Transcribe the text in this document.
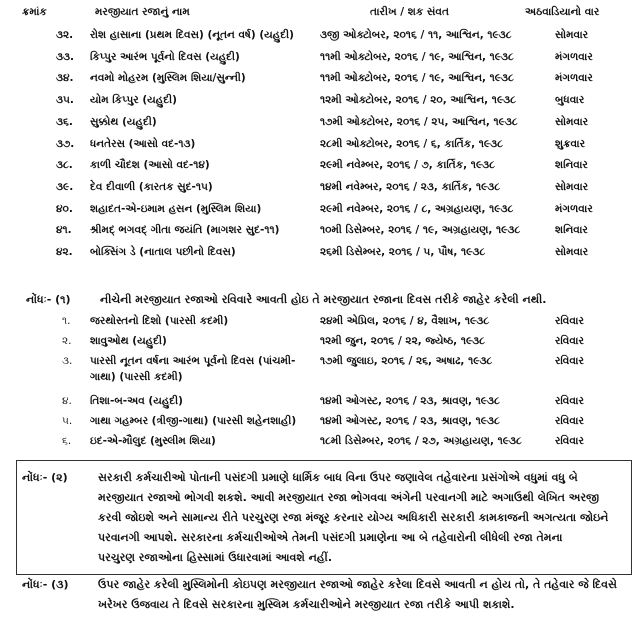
ક્રમાંક	મરજીયાત રજાનું નામ	તારીખ / શક સંવત	અઠવાડિયાનો વાર
૩૨. રોશ હાસાના (પ્રથમ દિવસ) (નૂતન વર્ષ) (યહુદી) ૩જી ઓક્ટોબર, ૨૦૧૬ / ૧૧, આશ્વિન, ૧૯૩૮	સોમવાર
૩૩. કિપ્પુર આરંભ પૂર્વનો દિવસ (યહુદી)	૧૧મી ઓક્ટોબર, ૨૦૧૬ / ૧૯, આશ્વિન, ૧૯૩૮	મંગળવાર
૩૪. નવમો મોહરમ (મુસ્લિમ શિયા/સુન્ની)	૧૧મી ઓક્ટોબર, ૨૦૧૬ / ૧૯, આશ્વિન, ૧૯૩૮	મંગળવાર
૩૫. યોમ કિપ્પુર (યહુદી)	૧૨મી ઓક્ટોબર, ૨૦૧૬ / ૨૦, આશ્વિન, ૧૯૩૮	બુધવાર
૩૬. સુક્કોથ (યહુદી)	૧૭મી ઓક્ટોબર, ૨૦૧૬ / ૨૫, આશ્વિન, ૧૯૩૮	સોમવાર
૩૭. ધનતેરસ (આસો વદ-૧૩)	૨૮મી ઓક્ટોબર, ૨૦૧૬ / ૬, કાર્તિક, ૧૯૩૮	શુક્રવાર
૩૮. કાળી ચૌદશ (આસો વદ-૧૪)	૨૯મી નવેમ્બર, ૨૦૧૬ / ૭, કાર્તિક, ૧૯૩૮	શનિવાર
૩૯. દેવ દીવાળી (કારતક સુદ-૧૫)	૧૪મી નવેમ્બર, ૨૦૧૬ / ૨૩, કાર્તિક, ૧૯૩૮	સોમવાર
૪૦. શહાદત-એ-ઇમામ હસન (મુસ્લિમ શિયા)	૨૯મી નવેમ્બર, ૨૦૧૬ / ૮, અગ્રહાયણ, ૧૯૩૮	મંગળવાર
૪૧. શ્રીમદ્ ભગવદ્ ગીતા જયંતિ (માગશર સુદ-૧૧)	૧૦મી ડિસેમ્બર, ૨૦૧૬ / ૧૯, અગ્રહાયણ, ૧૯૩૮	શનિવાર
૪૨. બોક્સિંગ ડે (નાતાલ પછીનો દિવસ)	૨૬મી ડિસેમ્બર, ૨૦૧૬ / ૫, પૌષ, ૧૯૩૮	સોમવાર
નોંધઃ- (૧)	નીચેની મરજીયાત રજાઓ રવિવારે આવતી હોઇ તે મરજીયાત રજાના દિવસ તરીકે જાહેર કરેલી નથી.
૧. જરથોસ્તનો દિશો (પારસી કદમી)	૨૪મી એપ્રિલ, ૨૦૧૬ / ૪, વૈશાખ, ૧૯૩૮	રવિવાર
૨. શાવુઓથ (યહુદી)	૧૨મી જુન, ૨૦૧૬ / ૨૨, જ્યેષ્ઠ, ૧૯૩૮	રવિવાર
૩. પારસી નૂતન વર્ષના આરંભ પૂર્વનો દિવસ (પાંચમી- ૧૭મી જુલાઇ, ૨૦૧૬ / ૨૬, અષાઢ, ૧૯૩૮	રવિવાર
ગાથા) (પારસી કદમી)
૪. તિશા-બ-અવ (યહુદી)	૧૪મી ઓગસ્ટ, ૨૦૧૬ / ૨૩, શ્રાવણ, ૧૯૩૮	રવિવાર
૫. ગાથા ગહમ્બર (ત્રીજી-ગાથા) (પારસી શહેનશાહી) ૧૪મી ઓગસ્ટ, ૨૦૧૬ / ૨૩, શ્રાવણ, ૧૯૩૮	રવિવાર
૬. ઇદ-એ-મૌલુદ (મુસ્લીમ શિયા)	૧૮મી ડિસેમ્બર, ૨૦૧૬ / ૨૭, અગ્રહાયણ, ૧૯૩૮	રવિવાર
નોંધઃ- (૨)	સરકારી કર્મચારીઓ પોતાની પસંદગી પ્રમાણે ધાર્મિક બાધ વિના ઉપર જણાવેલ તહેવારના પ્રસંગોએ વધુમાં વધુ બે
મરજીયાત રજાઓ ભોગવી શકશે. આવી મરજીયાત રજા ભોગવવા અંગેની પરવાનગી માટે અગાઉથી લેખિત અરજી
કરવી જોઇશે અને સામાન્ય રીતે પરચુરણ રજા મંજૂર કરનાર યોગ્ય અધિકારી સરકારી કામકાજની અગત્યતા જોઇને
પરવાનગી આપશે. સરકારના કર્મચારીઓએ તેમની પસંદગી પ્રમાણેના આ બે તહેવારોની લીધેલી રજા તેમના
પરચુરણ રજાઓના હિસ્સામાં ઉધારવામાં આવશે નહીં.
નોંધઃ- (૩)	ઉપર જાહેર કરેલી મુસ્લિમોની કોઇપણ મરજીયાત રજાઓ જાહેર કરેલા દિવસે આવતી ન હોય તો, તે તહેવાર જે દિવસે
ખરેખર ઉજવાય તે દિવસે સરકારના મુસ્લિમ કર્મચારીઓને મરજીયાત રજા તરીકે આપી શકાશે.
